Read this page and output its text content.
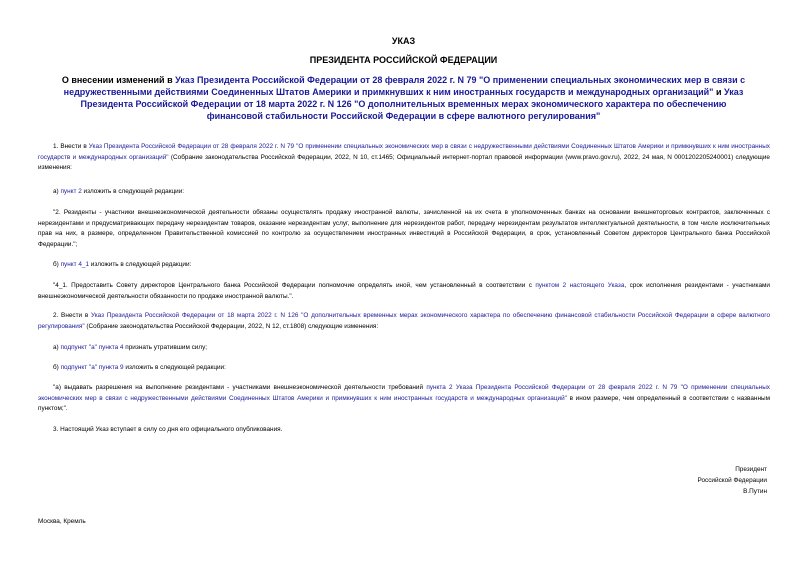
УКАЗ
ПРЕЗИДЕНТА РОССИЙСКОЙ ФЕДЕРАЦИИ
О внесении изменений в Указ Президента Российской Федерации от 28 февраля 2022 г. N 79 "О применении специальных экономических мер в связи с недружественными действиями Соединенных Штатов Америки и примкнувших к ним иностранных государств и международных организаций" и Указ Президента Российской Федерации от 18 марта 2022 г. N 126 "О дополнительных временных мерах экономического характера по обеспечению финансовой стабильности Российской Федерации в сфере валютного регулирования"
1. Внести в Указ Президента Российской Федерации от 28 февраля 2022 г. N 79 "О применении специальных экономических мер в связи с недружественными действиями Соединенных Штатов Америки и примкнувших к ним иностранных государств и международных организаций" (Собрание законодательства Российской Федерации, 2022, N 10, ст.1465; Официальный интернет-портал правовой информации (www.pravo.gov.ru), 2022, 24 мая, N 0001202205240001) следующие изменения:
а) пункт 2 изложить в следующей редакции:
"2. Резиденты - участники внешнеэкономической деятельности обязаны осуществлять продажу иностранной валюты, зачисленной на их счета в уполномоченных банках на основании внешнеторговых контрактов, заключенных с нерезидентами и предусматривающих передачу нерезидентам товаров, оказание нерезидентам услуг, выполнение для нерезидентов работ, передачу нерезидентам результатов интеллектуальной деятельности, в том числе исключительных прав на них, в размере, определенном Правительственной комиссией по контролю за осуществлением иностранных инвестиций в Российской Федерации, в срок, установленный Советом директоров Центрального банка Российской Федерации.";
б) пункт 4_1 изложить в следующей редакции:
"4_1. Предоставить Совету директоров Центрального банка Российской Федерации полномочие определять иной, чем установленный в соответствии с пунктом 2 настоящего Указа, срок исполнения резидентами - участниками внешнеэкономической деятельности обязанности по продаже иностранной валюты.".
2. Внести в Указ Президента Российской Федерации от 18 марта 2022 г. N 126 "О дополнительных временных мерах экономического характера по обеспечению финансовой стабильности Российской Федерации в сфере валютного регулирования" (Собрание законодательства Российской Федерации, 2022, N 12, ст.1808) следующие изменения:
а) подпункт "а" пункта 4 признать утратившим силу;
б) подпункт "а" пункта 9 изложить в следующей редакции:
"а) выдавать разрешения на выполнение резидентами - участниками внешнеэкономической деятельности требований пункта 2 Указа Президента Российской Федерации от 28 февраля 2022 г. N 79 "О применении специальных экономических мер в связи с недружественными действиями Соединенных Штатов Америки и примкнувших к ним иностранных государств и международных организаций" в ином размере, чем определенный в соответствии с названным пунктом;".
3. Настоящий Указ вступает в силу со дня его официального опубликования.
Президент
Российской Федерации
В.Путин
Москва, Кремль
